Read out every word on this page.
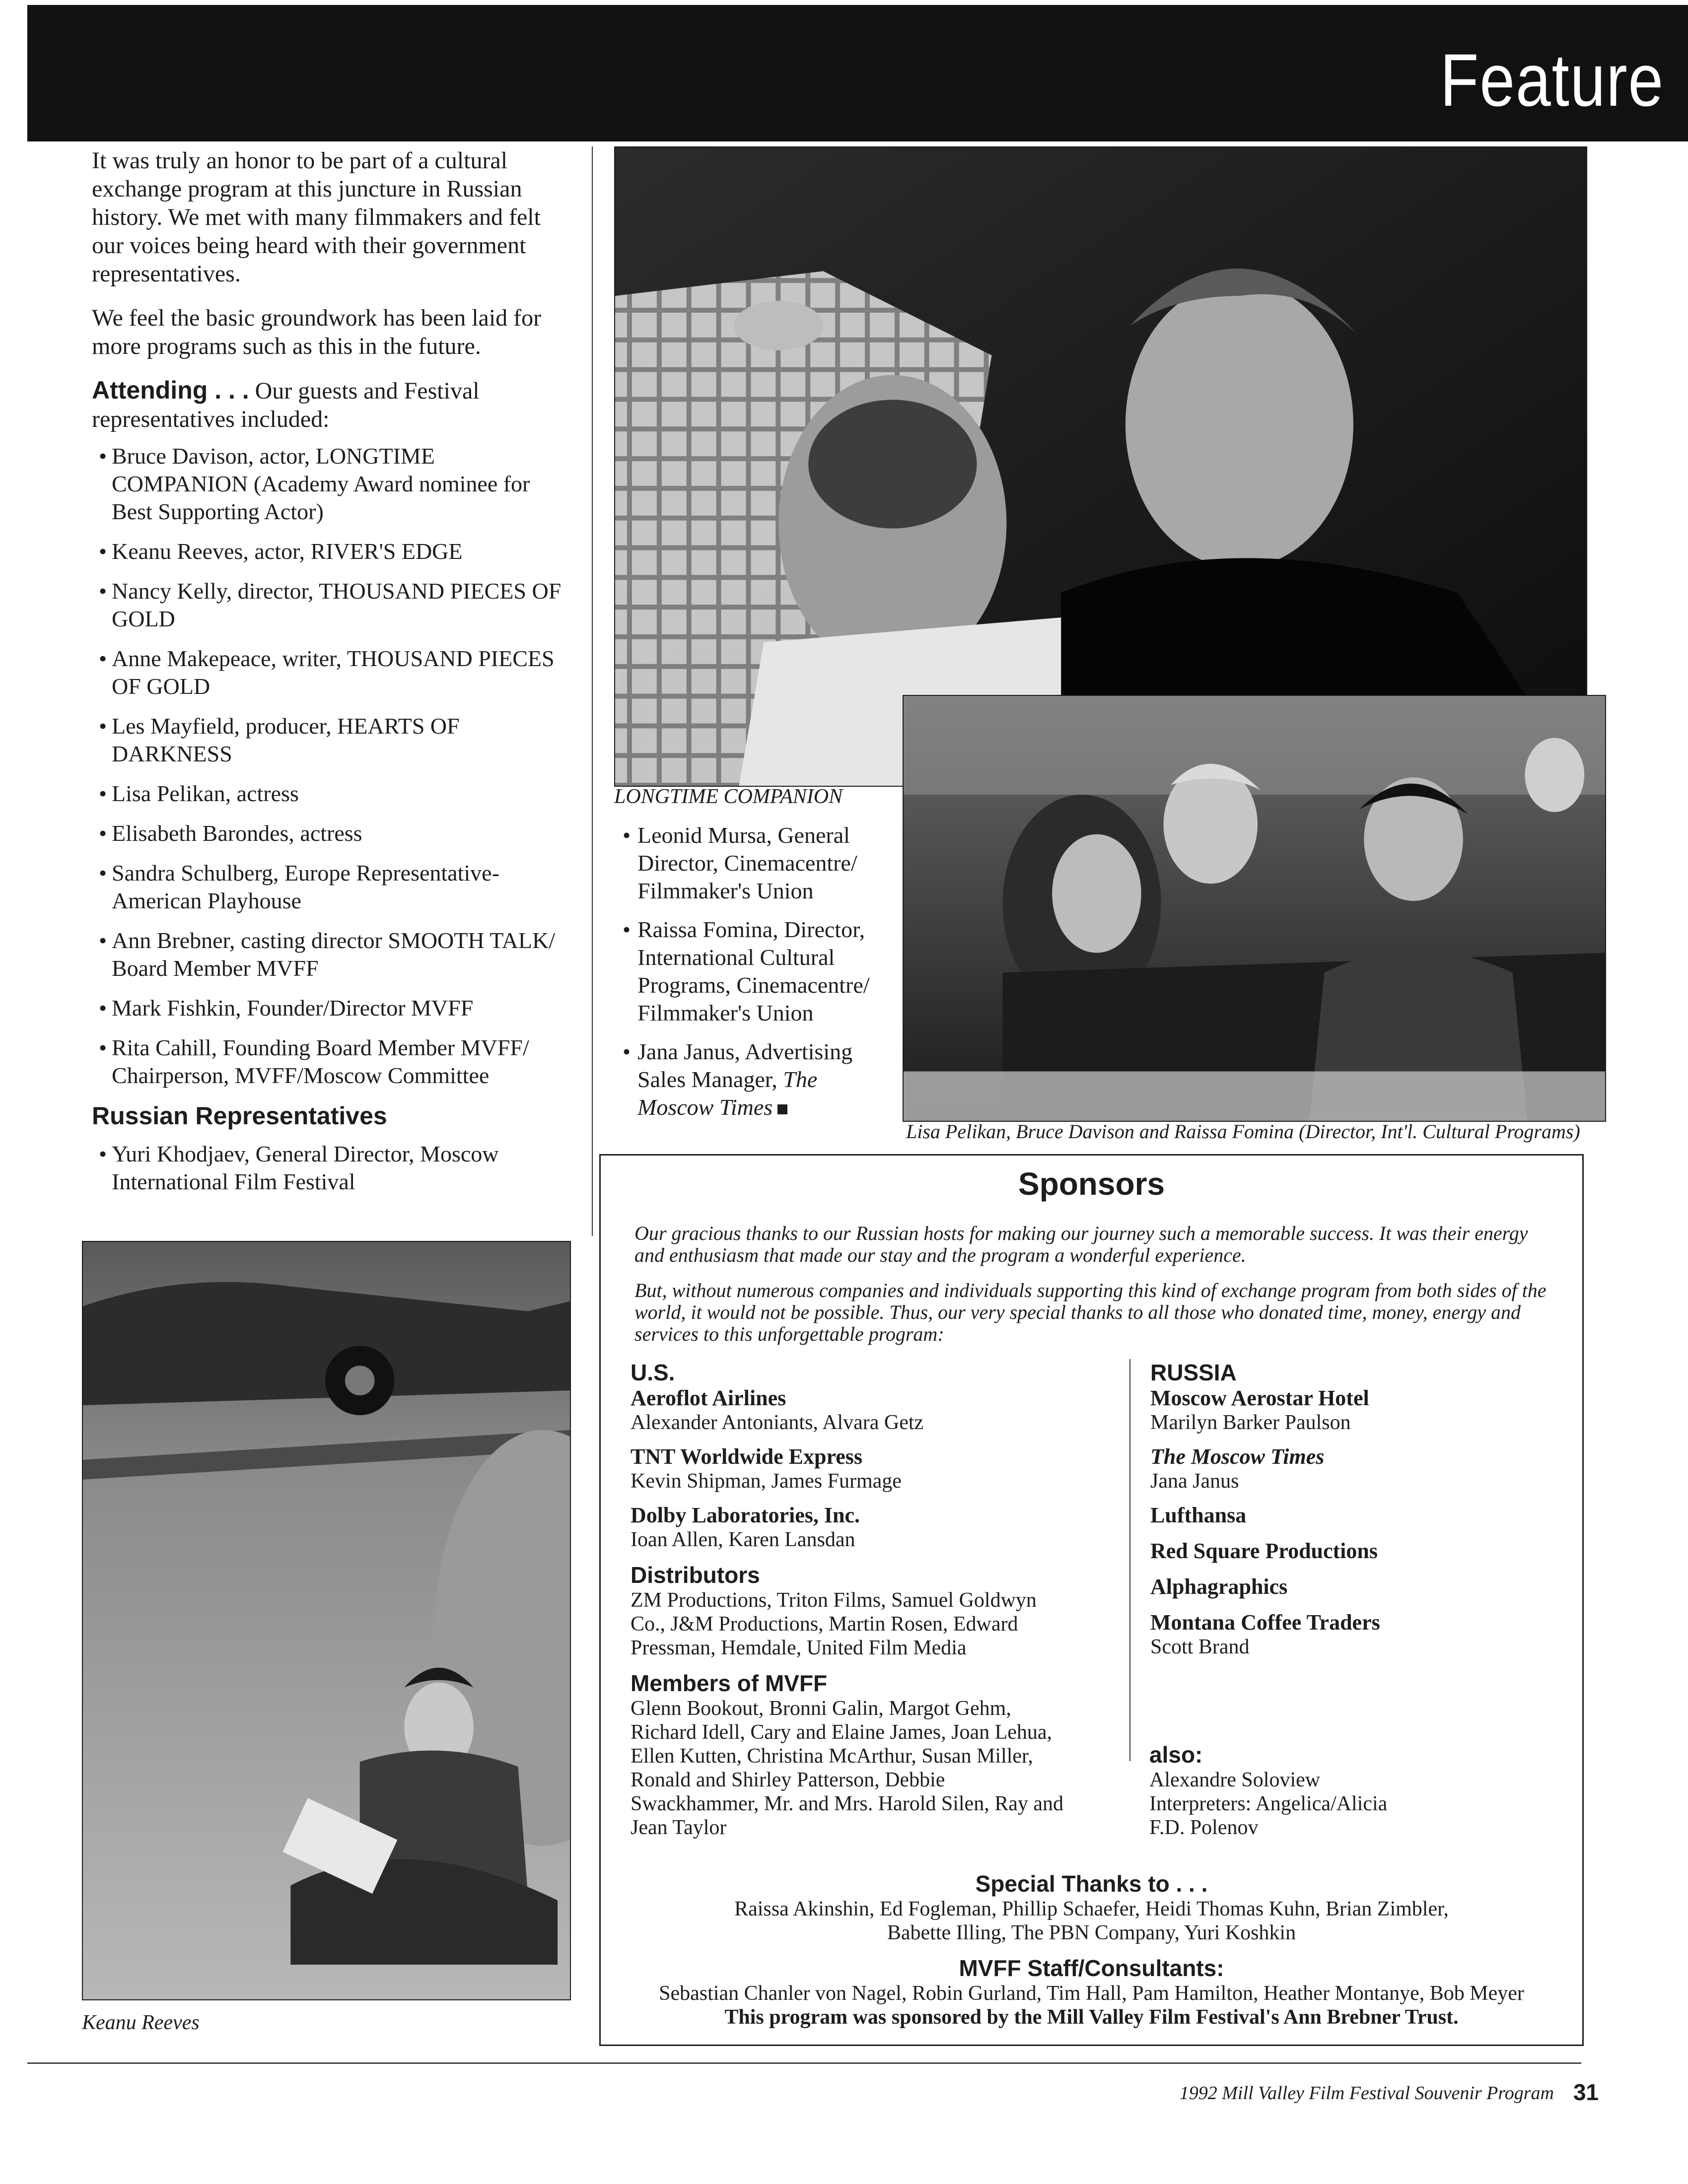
Feature

It was truly an honor to be part of a cultural exchange program at this juncture in Russian history. We met with many filmmakers and felt our voices being heard with their government representatives.

We feel the basic groundwork has been laid for more programs such as this in the future.

Attending . . . Our guests and Festival representatives included:

• Bruce Davison, actor, LONGTIME COMPANION (Academy Award nominee for Best Supporting Actor)
• Keanu Reeves, actor, RIVER'S EDGE
• Nancy Kelly, director, THOUSAND PIECES OF GOLD
• Anne Makepeace, writer, THOUSAND PIECES OF GOLD
• Les Mayfield, producer, HEARTS OF DARKNESS
• Lisa Pelikan, actress
• Elisabeth Barondes, actress
• Sandra Schulberg, Europe Representative-American Playhouse
• Ann Brebner, casting director SMOOTH TALK/ Board Member MVFF
• Mark Fishkin, Founder/Director MVFF
• Rita Cahill, Founding Board Member MVFF/ Chairperson, MVFF/Moscow Committee
Russian Representatives
• Yuri Khodjaev, General Director, Moscow International Film Festival
LONGTIME COMPANION
Lisa Pelikan, Bruce Davison and Raissa Fomina (Director, Int'l. Cultural Programs)
• Leonid Mursa, General Director, Cinemacentre/ Filmmaker's Union
• Raissa Fomina, Director, International Cultural Programs, Cinemacentre/ Filmmaker's Union
• Jana Janus, Advertising Sales Manager, The Moscow Times
Keanu Reeves
Sponsors

Our gracious thanks to our Russian hosts for making our journey such a memorable success. It was their energy and enthusiasm that made our stay and the program a wonderful experience.

But, without numerous companies and individuals supporting this kind of exchange program from both sides of the world, it would not be possible. Thus, our very special thanks to all those who donated time, money, energy and services to this unforgettable program:

U.S.
Aeroflot Airlines
Alexander Antoniants, Alvara Getz
TNT Worldwide Express
Kevin Shipman, James Furmage
Dolby Laboratories, Inc.
Ioan Allen, Karen Lansdan
Distributors
ZM Productions, Triton Films, Samuel Goldwyn Co., J&M Productions, Martin Rosen, Edward Pressman, Hemdale, United Film Media
Members of MVFF
Glenn Bookout, Bronni Galin, Margot Gehm, Richard Idell, Cary and Elaine James, Joan Lehua, Ellen Kutten, Christina McArthur, Susan Miller, Ronald and Shirley Patterson, Debbie Swackhammer, Mr. and Mrs. Harold Silen, Ray and Jean Taylor
RUSSIA
Moscow Aerostar Hotel
Marilyn Barker Paulson
The Moscow Times
Jana Janus
Lufthansa
Red Square Productions
Alphagraphics
Montana Coffee Traders
Scott Brand
also:
Alexandre Soloview
Interpreters: Angelica/Alicia
F.D. Polenov
Special Thanks to . . .
Raissa Akinshin, Ed Fogleman, Phillip Schaefer, Heidi Thomas Kuhn, Brian Zimbler,
Babette Illing, The PBN Company, Yuri Koshkin
MVFF Staff/Consultants:
Sebastian Chanler von Nagel, Robin Gurland, Tim Hall, Pam Hamilton, Heather Montanye, Bob Meyer
This program was sponsored by the Mill Valley Film Festival's Ann Brebner Trust.
1992 Mill Valley Film Festival Souvenir Program 31
